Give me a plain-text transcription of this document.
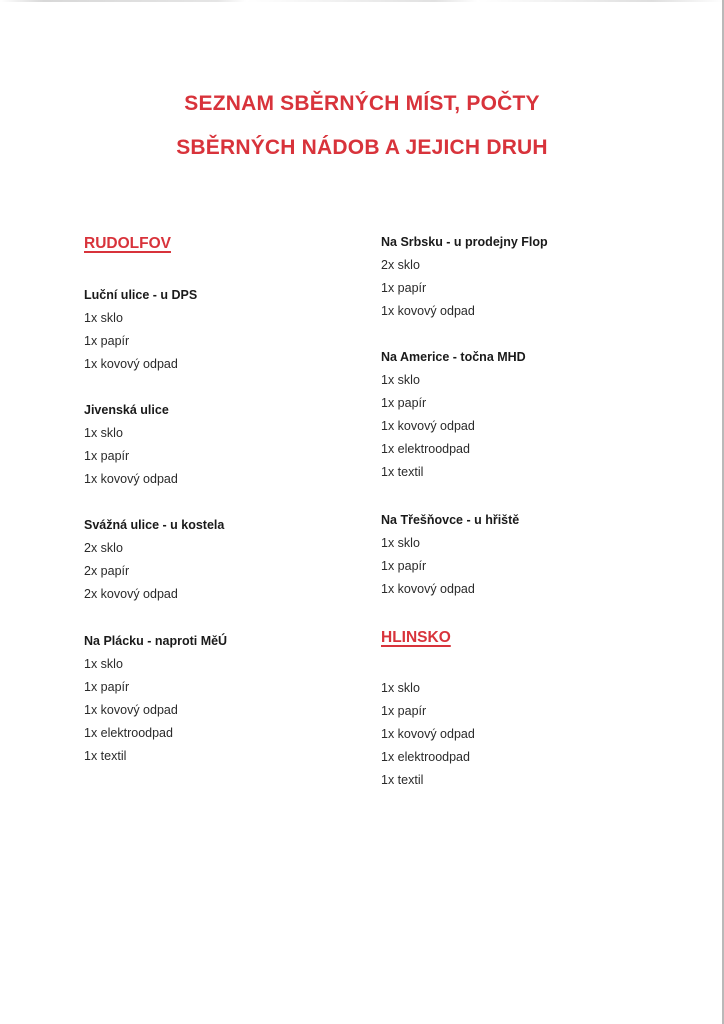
SEZNAM SBĚRNÝCH MÍST, POČTY
SBĚRNÝCH NÁDOB A JEJICH DRUH

RUDOLFOV

Luční ulice - u DPS

1x sklo
1x papír
1x kovový odpad

Jivenská ulice

1x sklo
1x papír
1x kovový odpad

Svážná ulice - u kostela

2x sklo
2x papír
2x kovový odpad

Na Plácku - naproti MěÚ

1x sklo
1x papír
1x kovový odpad
1x elektroodpad
1x textil

Na Srbsku - u prodejny Flop

2x sklo
1x papír
1x kovový odpad

Na Americe - točna MHD

1x sklo
1x papír
1x kovový odpad
1x elektroodpad
1x textil

Na Třešňovce - u hřiště

1x sklo
1x papír
1x kovový odpad

HLINSKO

1x sklo
1x papír
1x kovový odpad
1x elektroodpad
1x textil
